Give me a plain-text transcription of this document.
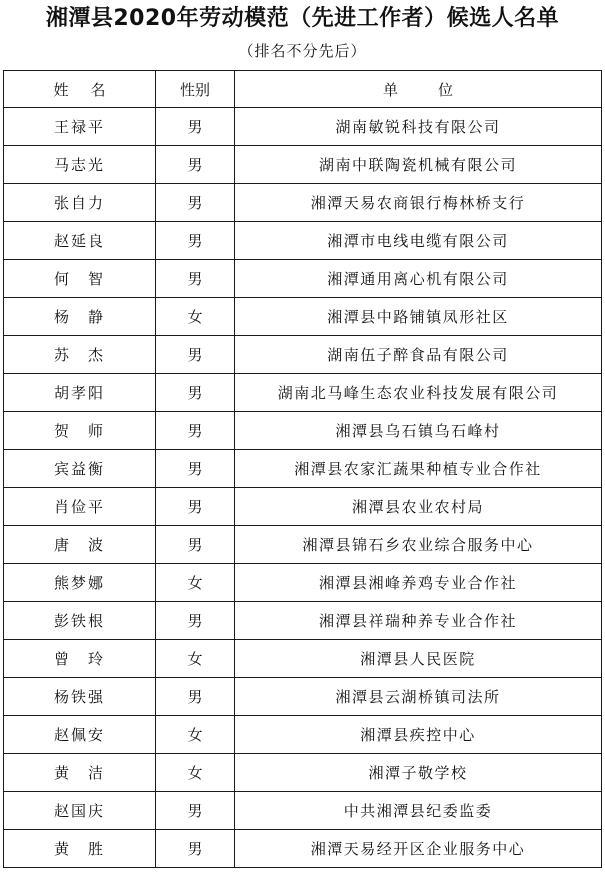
湘潭县2020年劳动模范（先进工作者）候选人名单
（排名不分先后）
姓名	性别	单位
王禄平	男	湖南敏锐科技有限公司
马志光	男	湖南中联陶瓷机械有限公司
张自力	男	湘潭天易农商银行梅林桥支行
赵延良	男	湘潭市电线电缆有限公司
何　智	男	湘潭通用离心机有限公司
杨　静	女	湘潭县中路铺镇凤形社区
苏　杰	男	湖南伍子醉食品有限公司
胡孝阳	男	湖南北马峰生态农业科技发展有限公司
贺　师	男	湘潭县乌石镇乌石峰村
宾益衡	男	湘潭县农家汇蔬果种植专业合作社
肖俭平	男	湘潭县农业农村局
唐　波	男	湘潭县锦石乡农业综合服务中心
熊梦娜	女	湘潭县湘峰养鸡专业合作社
彭铁根	男	湘潭县祥瑞种养专业合作社
曾　玲	女	湘潭县人民医院
杨铁强	男	湘潭县云湖桥镇司法所
赵佩安	女	湘潭县疾控中心
黄　洁	女	湘潭子敬学校
赵国庆	男	中共湘潭县纪委监委
黄　胜	男	湘潭天易经开区企业服务中心
